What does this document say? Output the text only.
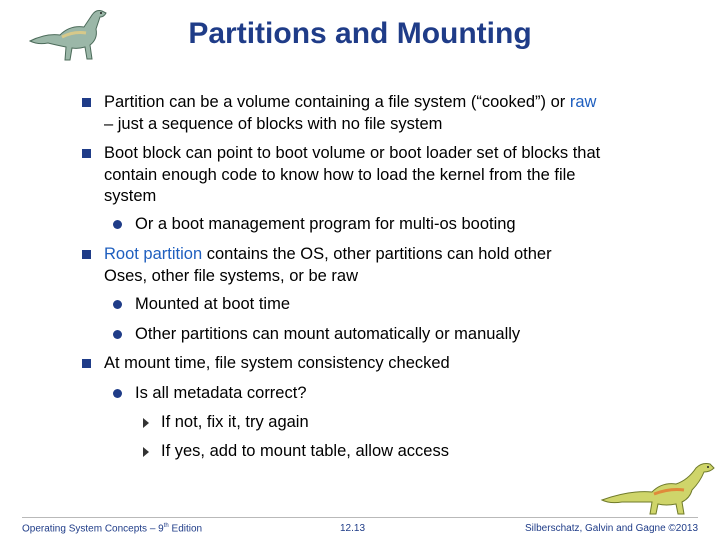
Partitions and Mounting
Partition can be a volume containing a file system (“cooked”) or raw
– just a sequence of blocks with no file system
Boot block can point to boot volume or boot loader set of blocks that
contain enough code to know how to load the kernel from the file
system
Or a boot management program for multi-os booting
Root partition contains the OS, other partitions can hold other
Oses, other file systems, or be raw
Mounted at boot time
Other partitions can mount automatically or manually
At mount time, file system consistency checked
Is all metadata correct?
If not, fix it, try again
If yes, add to mount table, allow access
Operating System Concepts – 9th Edition	12.13	Silberschatz, Galvin and Gagne ©2013
